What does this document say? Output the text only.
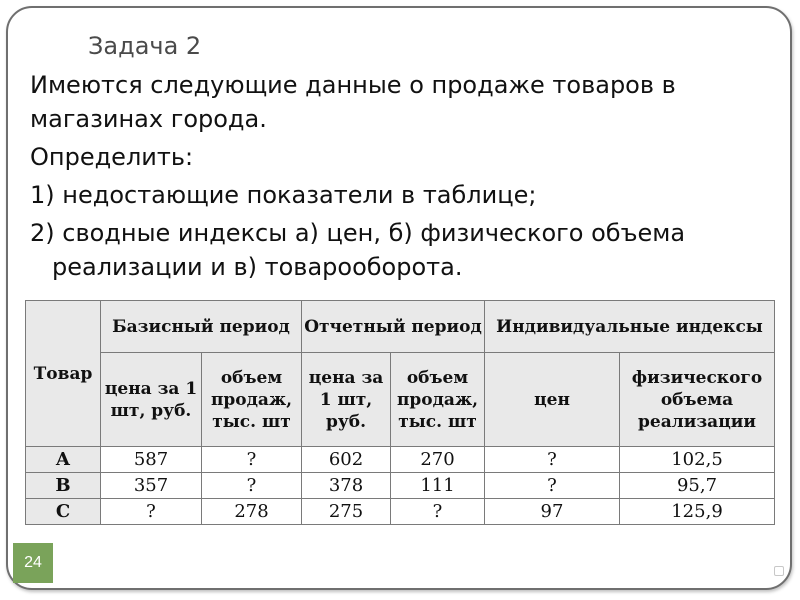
Задача 2

Имеются следующие данные о продаже товаров в магазинах города.

Определить:

1) недостающие показатели в таблице;

2) сводные индексы а) цен, б) физического объема
реализации и в) товарооборота.

Товар	Базисный период		Отчетный период		Индивидуальные индексы	
	цена за 1 шт, руб.	объем продаж, тыс. шт	цена за 1 шт, руб.	объем продаж, тыс. шт	цен	физического объема реализации
А	587	?	602	270	?	102,5
В	357	?	378	111	?	95,7
С	?	278	275	?	97	125,9
24
